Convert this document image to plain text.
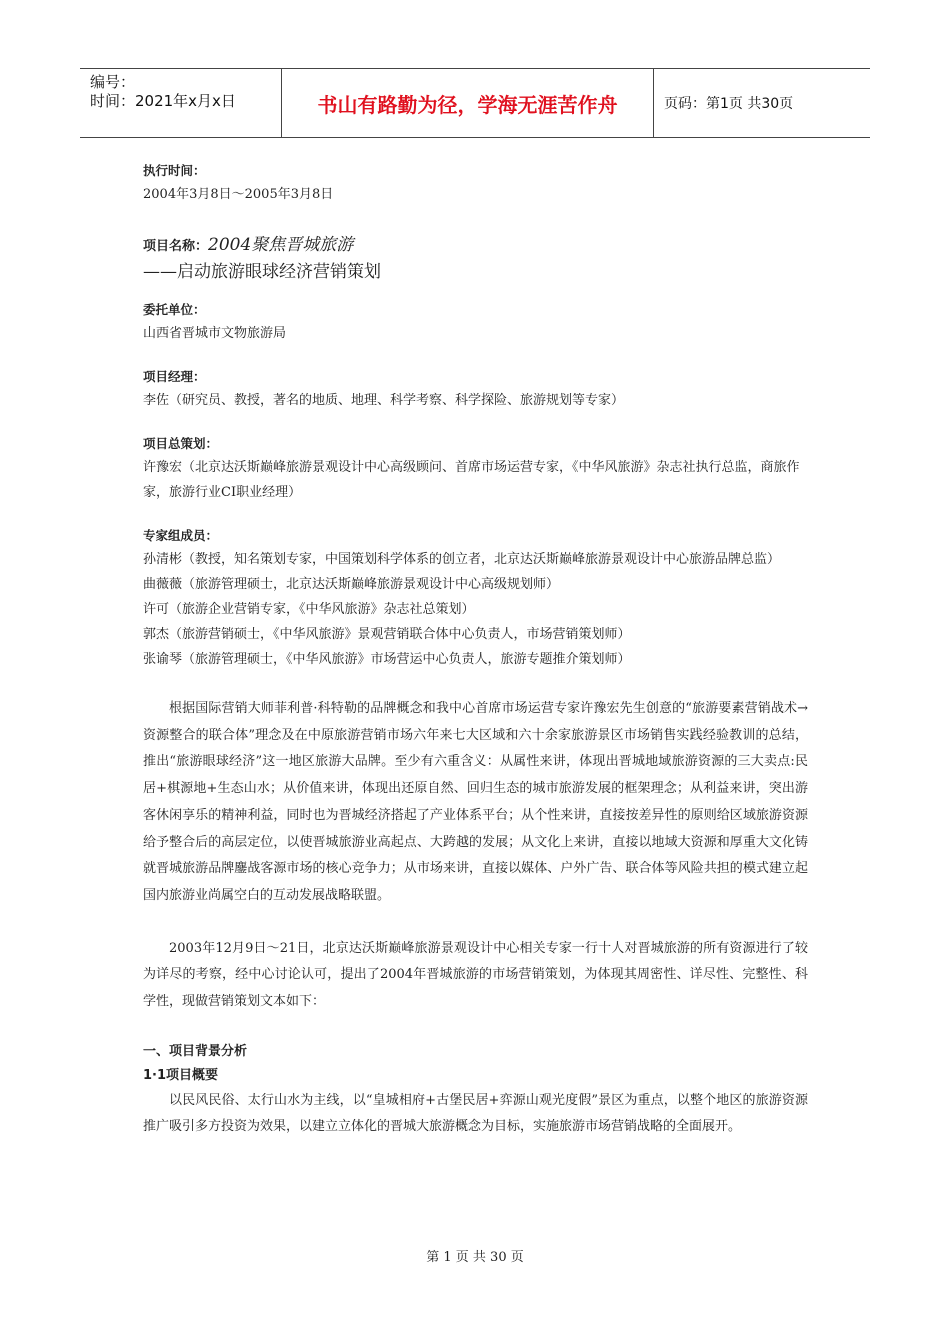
编号：
时间：2021年x月x日	书山有路勤为径，学海无涯苦作舟	页码：第1页 共30页

执行时间：

2004年3月8日～2005年3月8日

项目名称：2004聚焦晋城旅游

——启动旅游眼球经济营销策划

委托单位：

山西省晋城市文物旅游局

项目经理：

李佐（研究员、教授，著名的地质、地理、科学考察、科学探险、旅游规划等专家）

项目总策划：

许豫宏（北京达沃斯巅峰旅游景观设计中心高级顾问、首席市场运营专家，《中华风旅游》杂志社执行总监，商旅作家，旅游行业CI职业经理）

专家组成员：

孙清彬（教授，知名策划专家，中国策划科学体系的创立者，北京达沃斯巅峰旅游景观设计中心旅游品牌总监）

曲薇薇（旅游管理硕士，北京达沃斯巅峰旅游景观设计中心高级规划师）

许可（旅游企业营销专家，《中华风旅游》杂志社总策划）

郭杰（旅游营销硕士，《中华风旅游》景观营销联合体中心负责人，市场营销策划师）

张谕琴（旅游管理硕士，《中华风旅游》市场营运中心负责人，旅游专题推介策划师）

根据国际营销大师菲利普·科特勒的品牌概念和我中心首席市场运营专家许豫宏先生创意的“旅游要素营销战术→资源整合的联合体”理念及在中原旅游营销市场六年来七大区域和六十余家旅游景区市场销售实践经验教训的总结，推出“旅游眼球经济”这一地区旅游大品牌。至少有六重含义：从属性来讲，体现出晋城地域旅游资源的三大卖点:民居+棋源地+生态山水；从价值来讲，体现出还原自然、回归生态的城市旅游发展的框架理念；从利益来讲，突出游客休闲享乐的精神利益，同时也为晋城经济搭起了产业体系平台；从个性来讲，直接按差异性的原则给区域旅游资源给予整合后的高层定位，以使晋城旅游业高起点、大跨越的发展；从文化上来讲，直接以地域大资源和厚重大文化铸就晋城旅游品牌鏖战客源市场的核心竞争力；从市场来讲，直接以媒体、户外广告、联合体等风险共担的模式建立起国内旅游业尚属空白的互动发展战略联盟。

2003年12月9日～21日，北京达沃斯巅峰旅游景观设计中心相关专家一行十人对晋城旅游的所有资源进行了较为详尽的考察，经中心讨论认可，提出了2004年晋城旅游的市场营销策划，为体现其周密性、详尽性、完整性、科学性，现做营销策划文本如下：

一、项目背景分析

1·1项目概要

以民风民俗、太行山水为主线，以“皇城相府+古堡民居+弈源山观光度假”景区为重点，以整个地区的旅游资源推广吸引多方投资为效果，以建立立体化的晋城大旅游概念为目标，实施旅游市场营销战略的全面展开。

第 1 页 共 30 页
